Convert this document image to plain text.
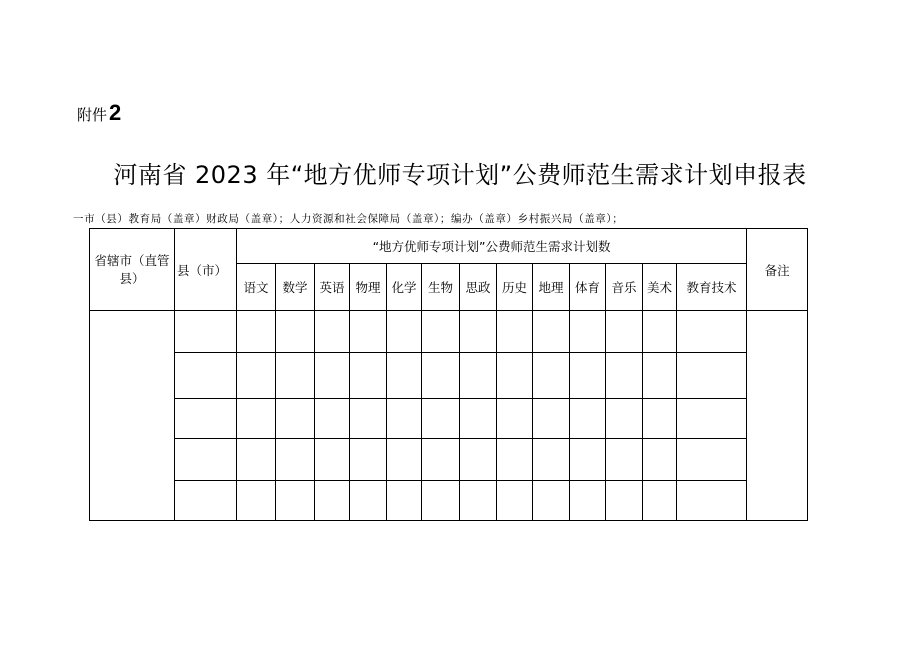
附件2
河南省 2023 年“地方优师专项计划”公费师范生需求计划申报表
一市（县）教育局（盖章）财政局（盖章）；人力资源和社会保障局（盖章）；编办（盖章）乡村振兴局（盖章）；
省辖市（直管县）	县（市）	“地方优师专项计划”公费师范生需求计划数													备注
		语文	数学	英语	物理	化学	生物	思政	历史	地理	体育	音乐	美术	教育技术	
